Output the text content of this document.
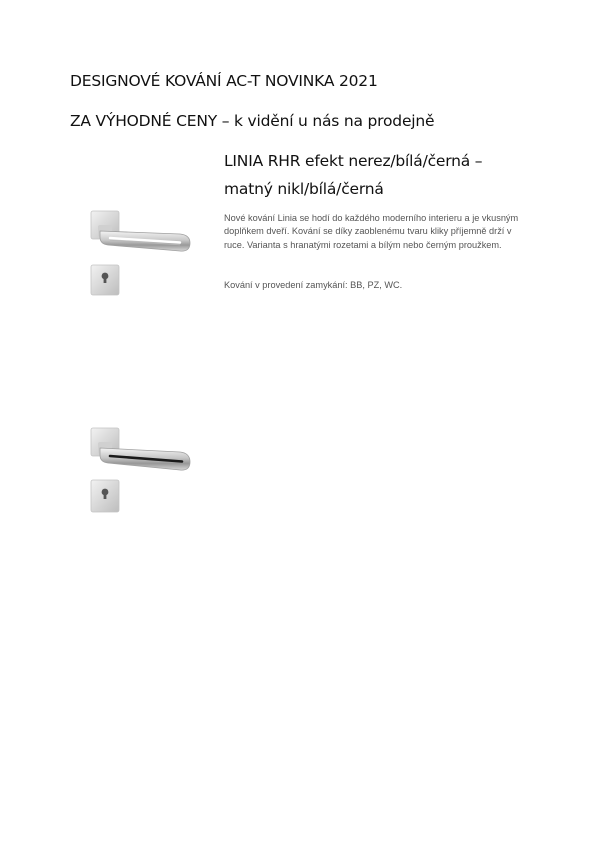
DESIGNOVÉ KOVÁNÍ AC-T NOVINKA 2021
ZA VÝHODNÉ CENY – k vidění u nás na prodejně
LINIA RHR efekt nerez/bílá/černá –
matný nikl/bílá/černá

Nové kování Linia se hodí do každého moderního interieru a je vkusným doplňkem dveří. Kování se díky zaoblenému tvaru kliky příjemně drží v ruce. Varianta s hranatými rozetami a bílým nebo černým proužkem.

Kování v provedení zamykání: BB, PZ, WC.
